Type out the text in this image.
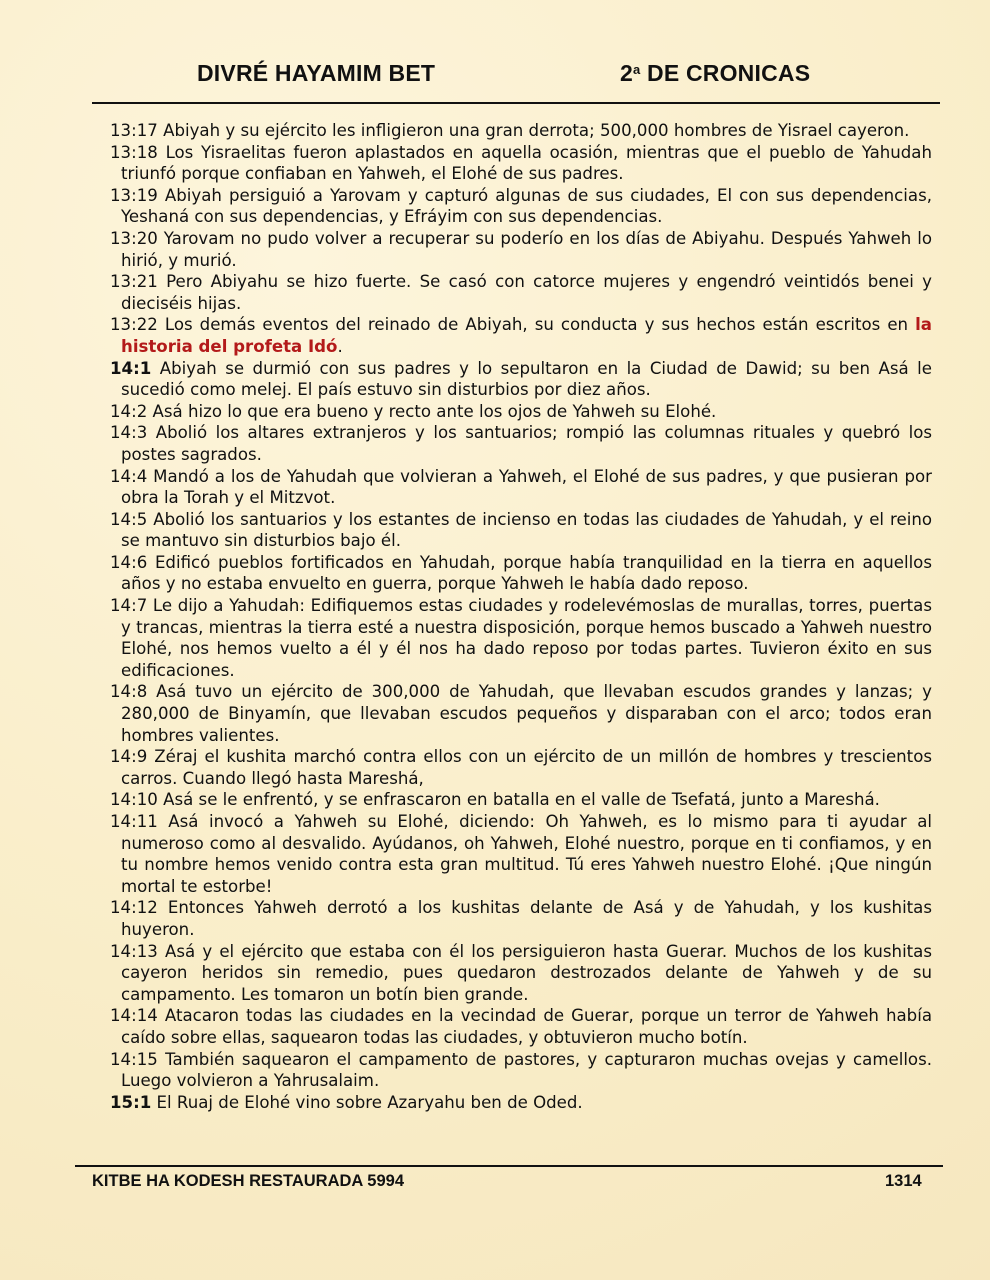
DIVRÉ HAYAMIM BET	2$^a$ DE CRONICAS
13:17 Abiyah y su ejército les infligieron una gran derrota; 500,000 hombres de Yisrael cayeron.
13:18 Los Yisraelitas fueron aplastados en aquella ocasión, mientras que el pueblo de Yahudah triunfó porque confiaban en Yahweh, el Elohé de sus padres.
13:19 Abiyah persiguió a Yarovam y capturó algunas de sus ciudades, El con sus dependencias, Yeshaná con sus dependencias, y Efráyim con sus dependencias.
13:20 Yarovam no pudo volver a recuperar su poderío en los días de Abiyahu. Después Yahweh lo hirió, y murió.
13:21 Pero Abiyahu se hizo fuerte. Se casó con catorce mujeres y engendró veintidós benei y dieciséis hijas.
13:22 Los demás eventos del reinado de Abiyah, su conducta y sus hechos están escritos en la historia del profeta Idó.
14:1 Abiyah se durmió con sus padres y lo sepultaron en la Ciudad de Dawid; su ben Asá le sucedió como melej. El país estuvo sin disturbios por diez años.
14:2 Asá hizo lo que era bueno y recto ante los ojos de Yahweh su Elohé.
14:3 Abolió los altares extranjeros y los santuarios; rompió las columnas rituales y quebró los postes sagrados.
14:4 Mandó a los de Yahudah que volvieran a Yahweh, el Elohé de sus padres, y que pusieran por obra la Torah y el Mitzvot.
14:5 Abolió los santuarios y los estantes de incienso en todas las ciudades de Yahudah, y el reino se mantuvo sin disturbios bajo él.
14:6 Edificó pueblos fortificados en Yahudah, porque había tranquilidad en la tierra en aquellos años y no estaba envuelto en guerra, porque Yahweh le había dado reposo.
14:7 Le dijo a Yahudah: Edifiquemos estas ciudades y rodelevémoslas de murallas, torres, puertas y trancas, mientras la tierra esté a nuestra disposición, porque hemos buscado a Yahweh nuestro Elohé, nos hemos vuelto a él y él nos ha dado reposo por todas partes. Tuvieron éxito en sus edificaciones.
14:8 Asá tuvo un ejército de 300,000 de Yahudah, que llevaban escudos grandes y lanzas; y 280,000 de Binyamín, que llevaban escudos pequeños y disparaban con el arco; todos eran hombres valientes.
14:9 Zéraj el kushita marchó contra ellos con un ejército de un millón de hombres y trescientos carros. Cuando llegó hasta Mareshá,
14:10 Asá se le enfrentó, y se enfrascaron en batalla en el valle de Tsefatá, junto a Mareshá.
14:11 Asá invocó a Yahweh su Elohé, diciendo: Oh Yahweh, es lo mismo para ti ayudar al numeroso como al desvalido. Ayúdanos, oh Yahweh, Elohé nuestro, porque en ti confiamos, y en tu nombre hemos venido contra esta gran multitud. Tú eres Yahweh nuestro Elohé. ¡Que ningún mortal te estorbe!
14:12 Entonces Yahweh derrotó a los kushitas delante de Asá y de Yahudah, y los kushitas huyeron.
14:13 Asá y el ejército que estaba con él los persiguieron hasta Guerar. Muchos de los kushitas cayeron heridos sin remedio, pues quedaron destrozados delante de Yahweh y de su campamento. Les tomaron un botín bien grande.
14:14 Atacaron todas las ciudades en la vecindad de Guerar, porque un terror de Yahweh había caído sobre ellas, saquearon todas las ciudades, y obtuvieron mucho botín.
14:15 También saquearon el campamento de pastores, y capturaron muchas ovejas y camellos. Luego volvieron a Yahrusalaim.
15:1 El Ruaj de Elohé vino sobre Azaryahu ben de Oded.
KITBE HA KODESH RESTAURADA 5994	1314
